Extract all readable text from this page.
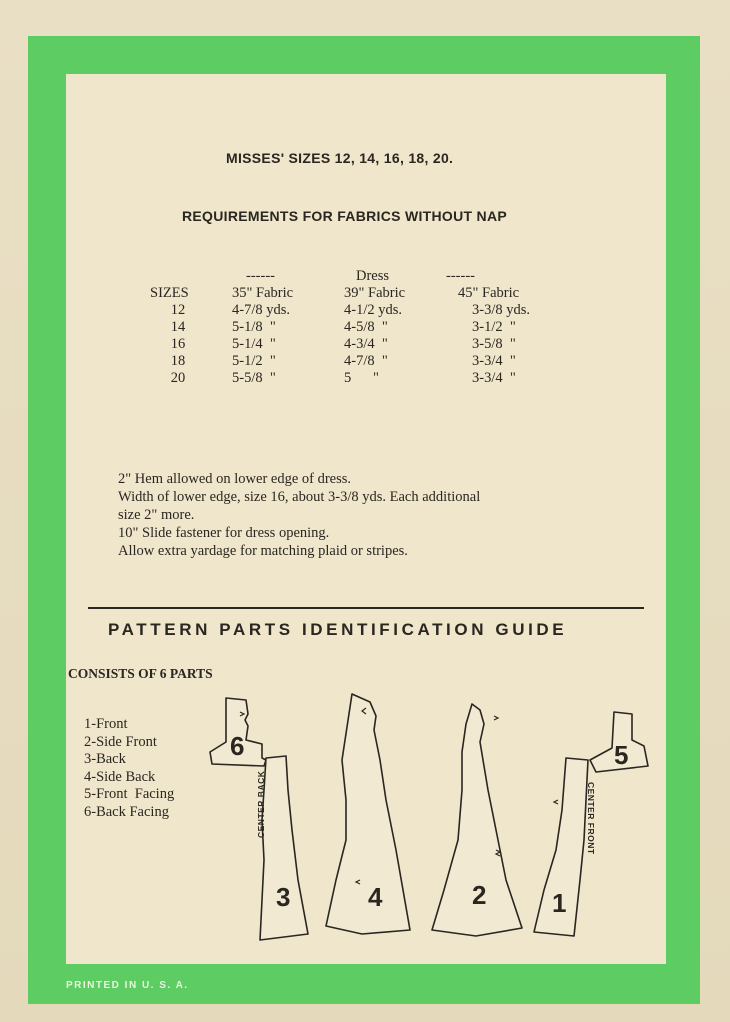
MISSES' SIZES 12, 14, 16, 18, 20.
REQUIREMENTS FOR FABRICS WITHOUT NAP
------	Dress	------
SIZES	35" Fabric	39" Fabric	45" Fabric
12	4-7/8 yds.	4-1/2 yds.	3-3/8 yds.
14	5-1/8  "	4-5/8  "	3-1/2  "
16	5-1/4  "	4-3/4  "	3-5/8  "
18	5-1/2  "	4-7/8  "	3-3/4  "
20	5-5/8  "	5      "	3-3/4  "

2" Hem allowed on lower edge of dress.

Width of lower edge, size 16, about 3-3/8 yds. Each additional

size 2" more.

10" Slide fastener for dress opening.

Allow extra yardage for matching plaid or stripes.

PATTERN PARTS IDENTIFICATION GUIDE
CONSISTS OF 6 PARTS
1-Front
2-Side Front
3-Back
4-Side Back
5-Front  Facing
6-Back Facing
6
3	4	2	1
5
CENTER BACK	CENTER FRONT
PRINTED IN U. S. A.
